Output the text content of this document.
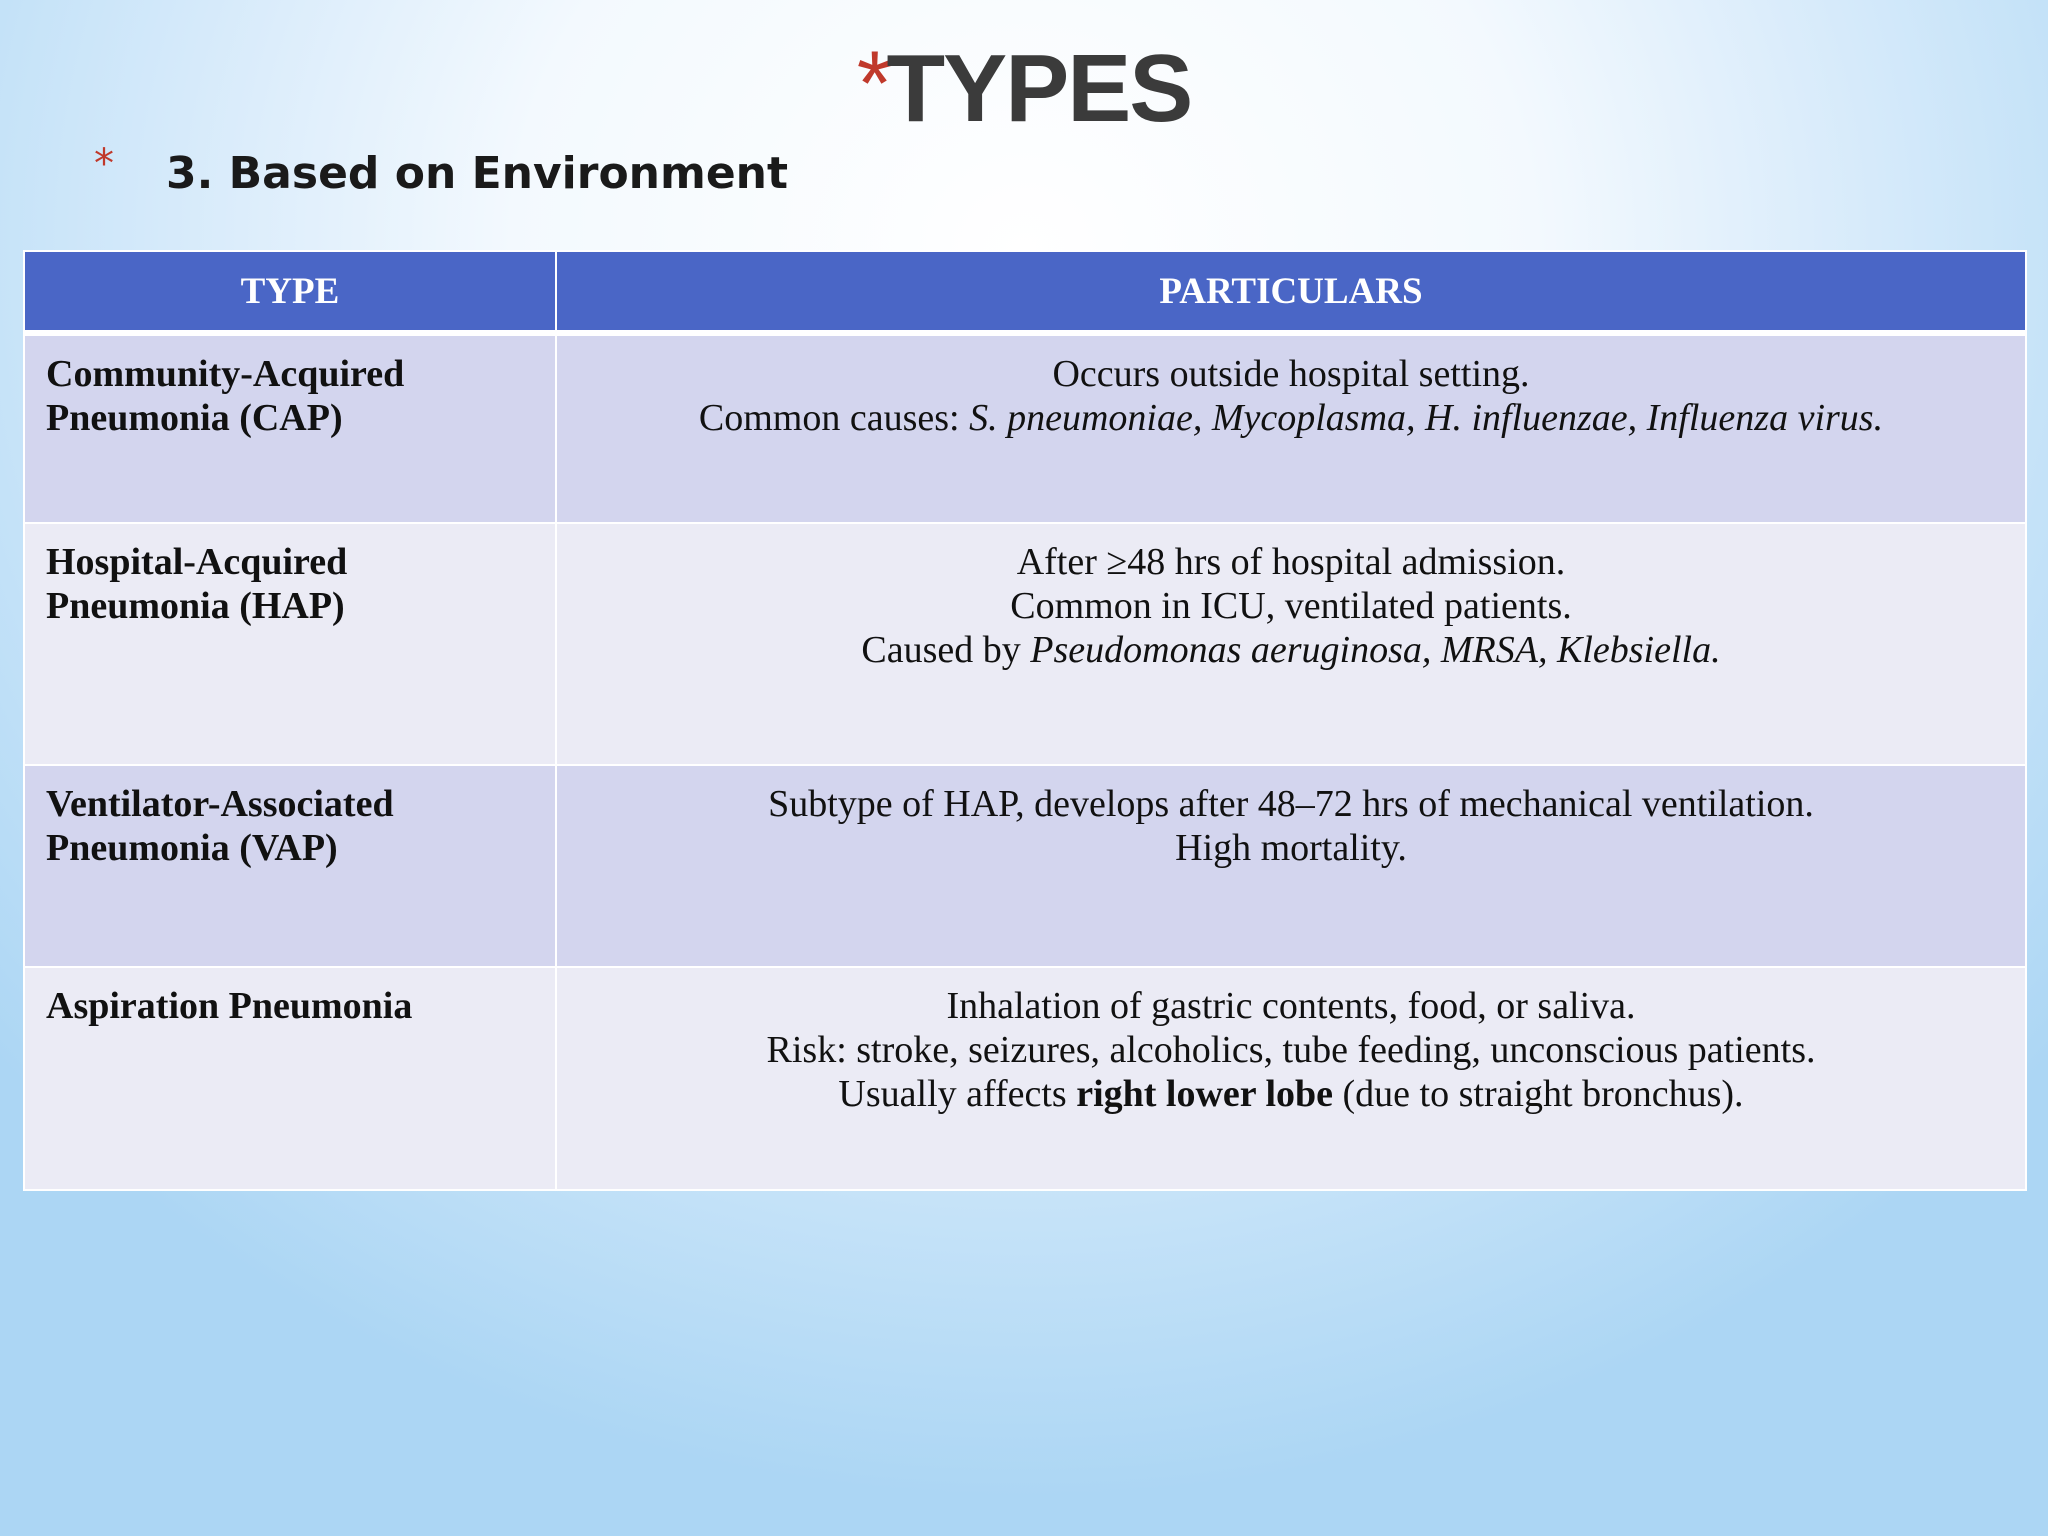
*TYPES
*	3. Based on Environment
TYPE	PARTICULARS

Community-Acquired
Pneumonia (CAP)	Occurs outside hospital setting.
Common causes: S. pneumoniae, Mycoplasma, H. influenzae, Influenza virus.

Hospital-Acquired
Pneumonia (HAP)	After ≥48 hrs of hospital admission.
Common in ICU, ventilated patients.
Caused by Pseudomonas aeruginosa, MRSA, Klebsiella.

Ventilator-Associated
Pneumonia (VAP)	Subtype of HAP, develops after 48–72 hrs of mechanical ventilation.
High mortality.

Aspiration Pneumonia	Inhalation of gastric contents, food, or saliva.
Risk: stroke, seizures, alcoholics, tube feeding, unconscious patients.
Usually affects right lower lobe (due to straight bronchus).
